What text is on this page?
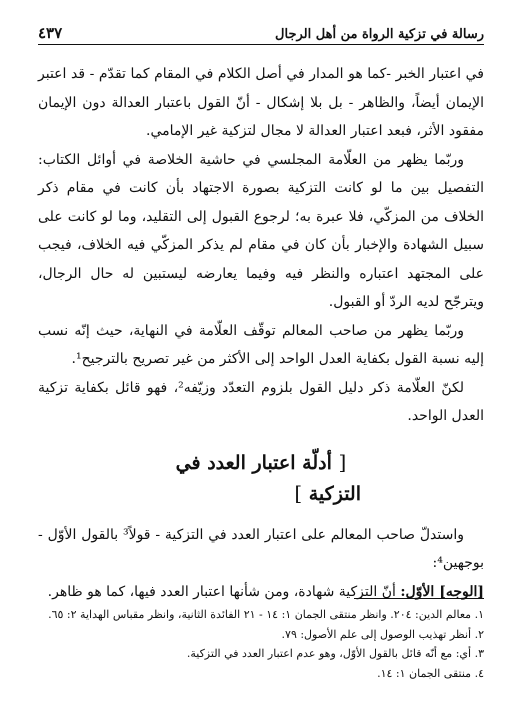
رسالة في تزكية الرواة من أهل الرجال
٤٣٧

في اعتبار الخبر -كما هو المدار في أصل الكلام في المقام كما تقدّم - قد اعتبر الإيمان أيضاً، والظاهر - بل بلا إشكال - أنّ القول باعتبار العدالة دون الإيمان مفقود الأثر، فبعد اعتبار العدالة لا مجال لتزكية غير الإمامي.

وربّما يظهر من العلّامة المجلسي في حاشية الخلاصة في أوائل الكتاب: التفصيل بين ما لو كانت التزكية بصورة الاجتهاد بأن كانت في مقام ذكر الخلاف من المزكّي، فلا عبرة به؛ لرجوع القبول إلى التقليد، وما لو كانت على سبيل الشهادة والإخبار بأن كان في مقام لم يذكر المزكّي فيه الخلاف، فيجب على المجتهد اعتباره والنظر فيه وفيما يعارضه ليستبين له حال الرجال، ويترجّح لديه الردّ أو القبول.

وربّما يظهر من صاحب المعالم توقّف العلّامة في النهاية، حيث إنّه نسب إليه نسبة القول بكفاية العدل الواحد إلى الأكثر من غير تصريح بالترجيح¹.

لكنّ العلّامة ذكر دليل القول بلزوم التعدّد وزيّفه²، فهو قائل بكفاية تزكية العدل الواحد.

[ أدلّة اعتبار العدد في التزكية ]

واستدلّ صاحب المعالم على اعتبار العدد في التزكية - قولاً³ بالقول الأوّل - بوجهين⁴:

[الوجه] الأوّل: أنّ التزكية شهادة، ومن شأنها اعتبار العدد فيها، كما هو ظاهر.

١. معالم الدين: ٢٠٤. وانظر منتقى الجمان ١: ١٤ - ٢١ الفائدة الثانية، وانظر مقباس الهداية ٢: ٦٥.

٢. أنظر تهذيب الوصول إلى علم الأصول: ٧٩.

٣. أي: مع أنّه قائل بالقول الأوّل، وهو عدم اعتبار العدد في التزكية.

٤. منتقى الجمان ١: ١٤.
